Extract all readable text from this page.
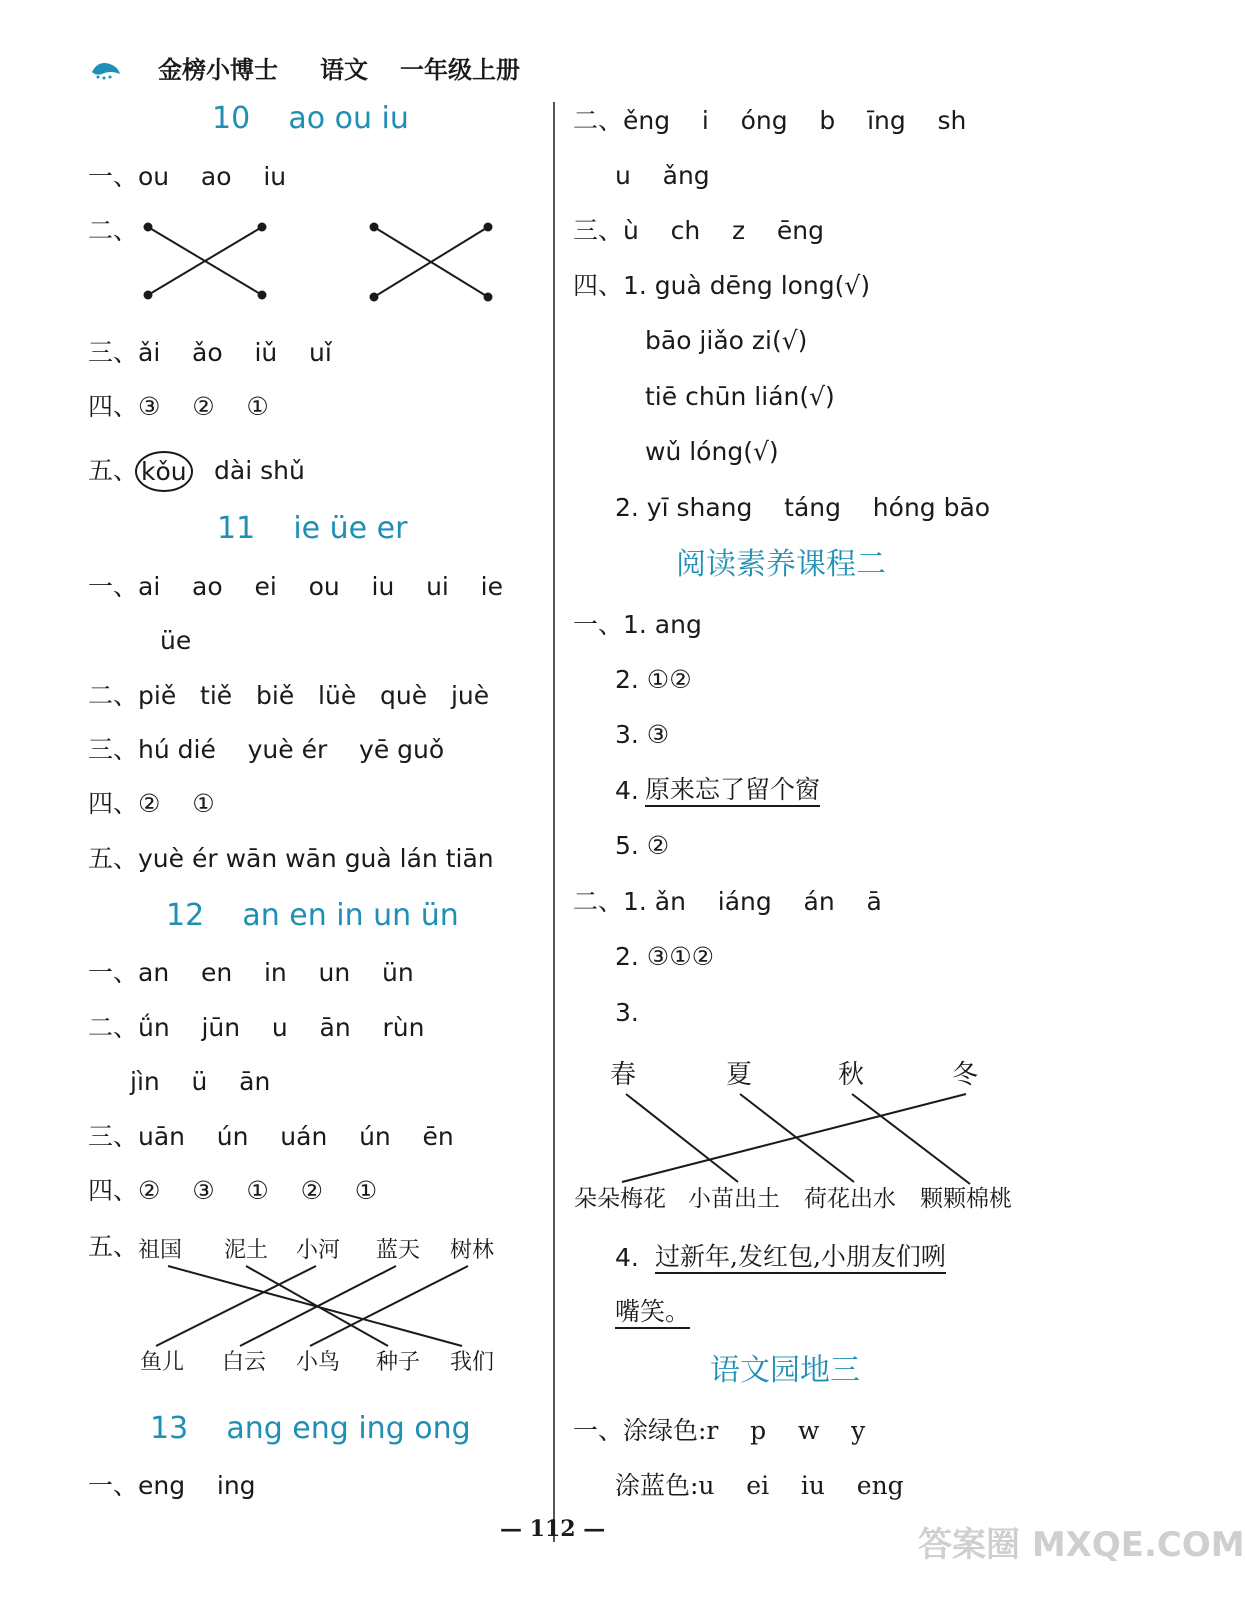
金榜小博士 语文 一年级上册
10    ao ou iu
一、ou    ao    iu
二、
三、ǎi    ǎo    iǔ    uǐ
四、③    ②    ①
五、 kǒu dài shǔ
11    ie üe er
一、ai    ao    ei    ou    iu    ui    ie
üe
二、piě   tiě   biě   lüè   què   juè
三、hú dié    yuè ér    yē guǒ
四、②    ①
五、yuè ér wān wān guà lán tiān
12    an en in un ün
一、an    en    in    un    ün
二、ǘn    jūn    u    ān    rùn
jìn    ü    ān
三、uān    ún    uán    ún    ēn
四、②    ③    ①    ②    ①
五、 祖国 泥土 小河 蓝天 树林
鱼儿 白云 小鸟 种子 我们
13    ang eng ing ong
一、eng    ing
二、ěng    i    óng    b    īng    sh
u    ǎng
三、ù    ch    z    ēng
四、1. guà dēng long(√)
bāo jiǎo zi(√)
tiē chūn lián(√)
wǔ lóng(√)
2. yī shang    táng    hóng bāo
阅读素养课程二
一、1. ang
2. ①②
3. ③
4.
原来忘了留个窗
5. ②
二、1. ǎn    iáng    án    ā
2. ③①②
3.
春	夏	秋	冬
朵朵梅花 小苗出土 荷花出水 颗颗棉桃
4. 过新年,发红包,小朋友们咧
嘴笑。
语文园地三
一、涂绿色:r    p    w    y
涂蓝色:u    ei    iu    eng
— 112 —	答案圈 MXQE.COM
